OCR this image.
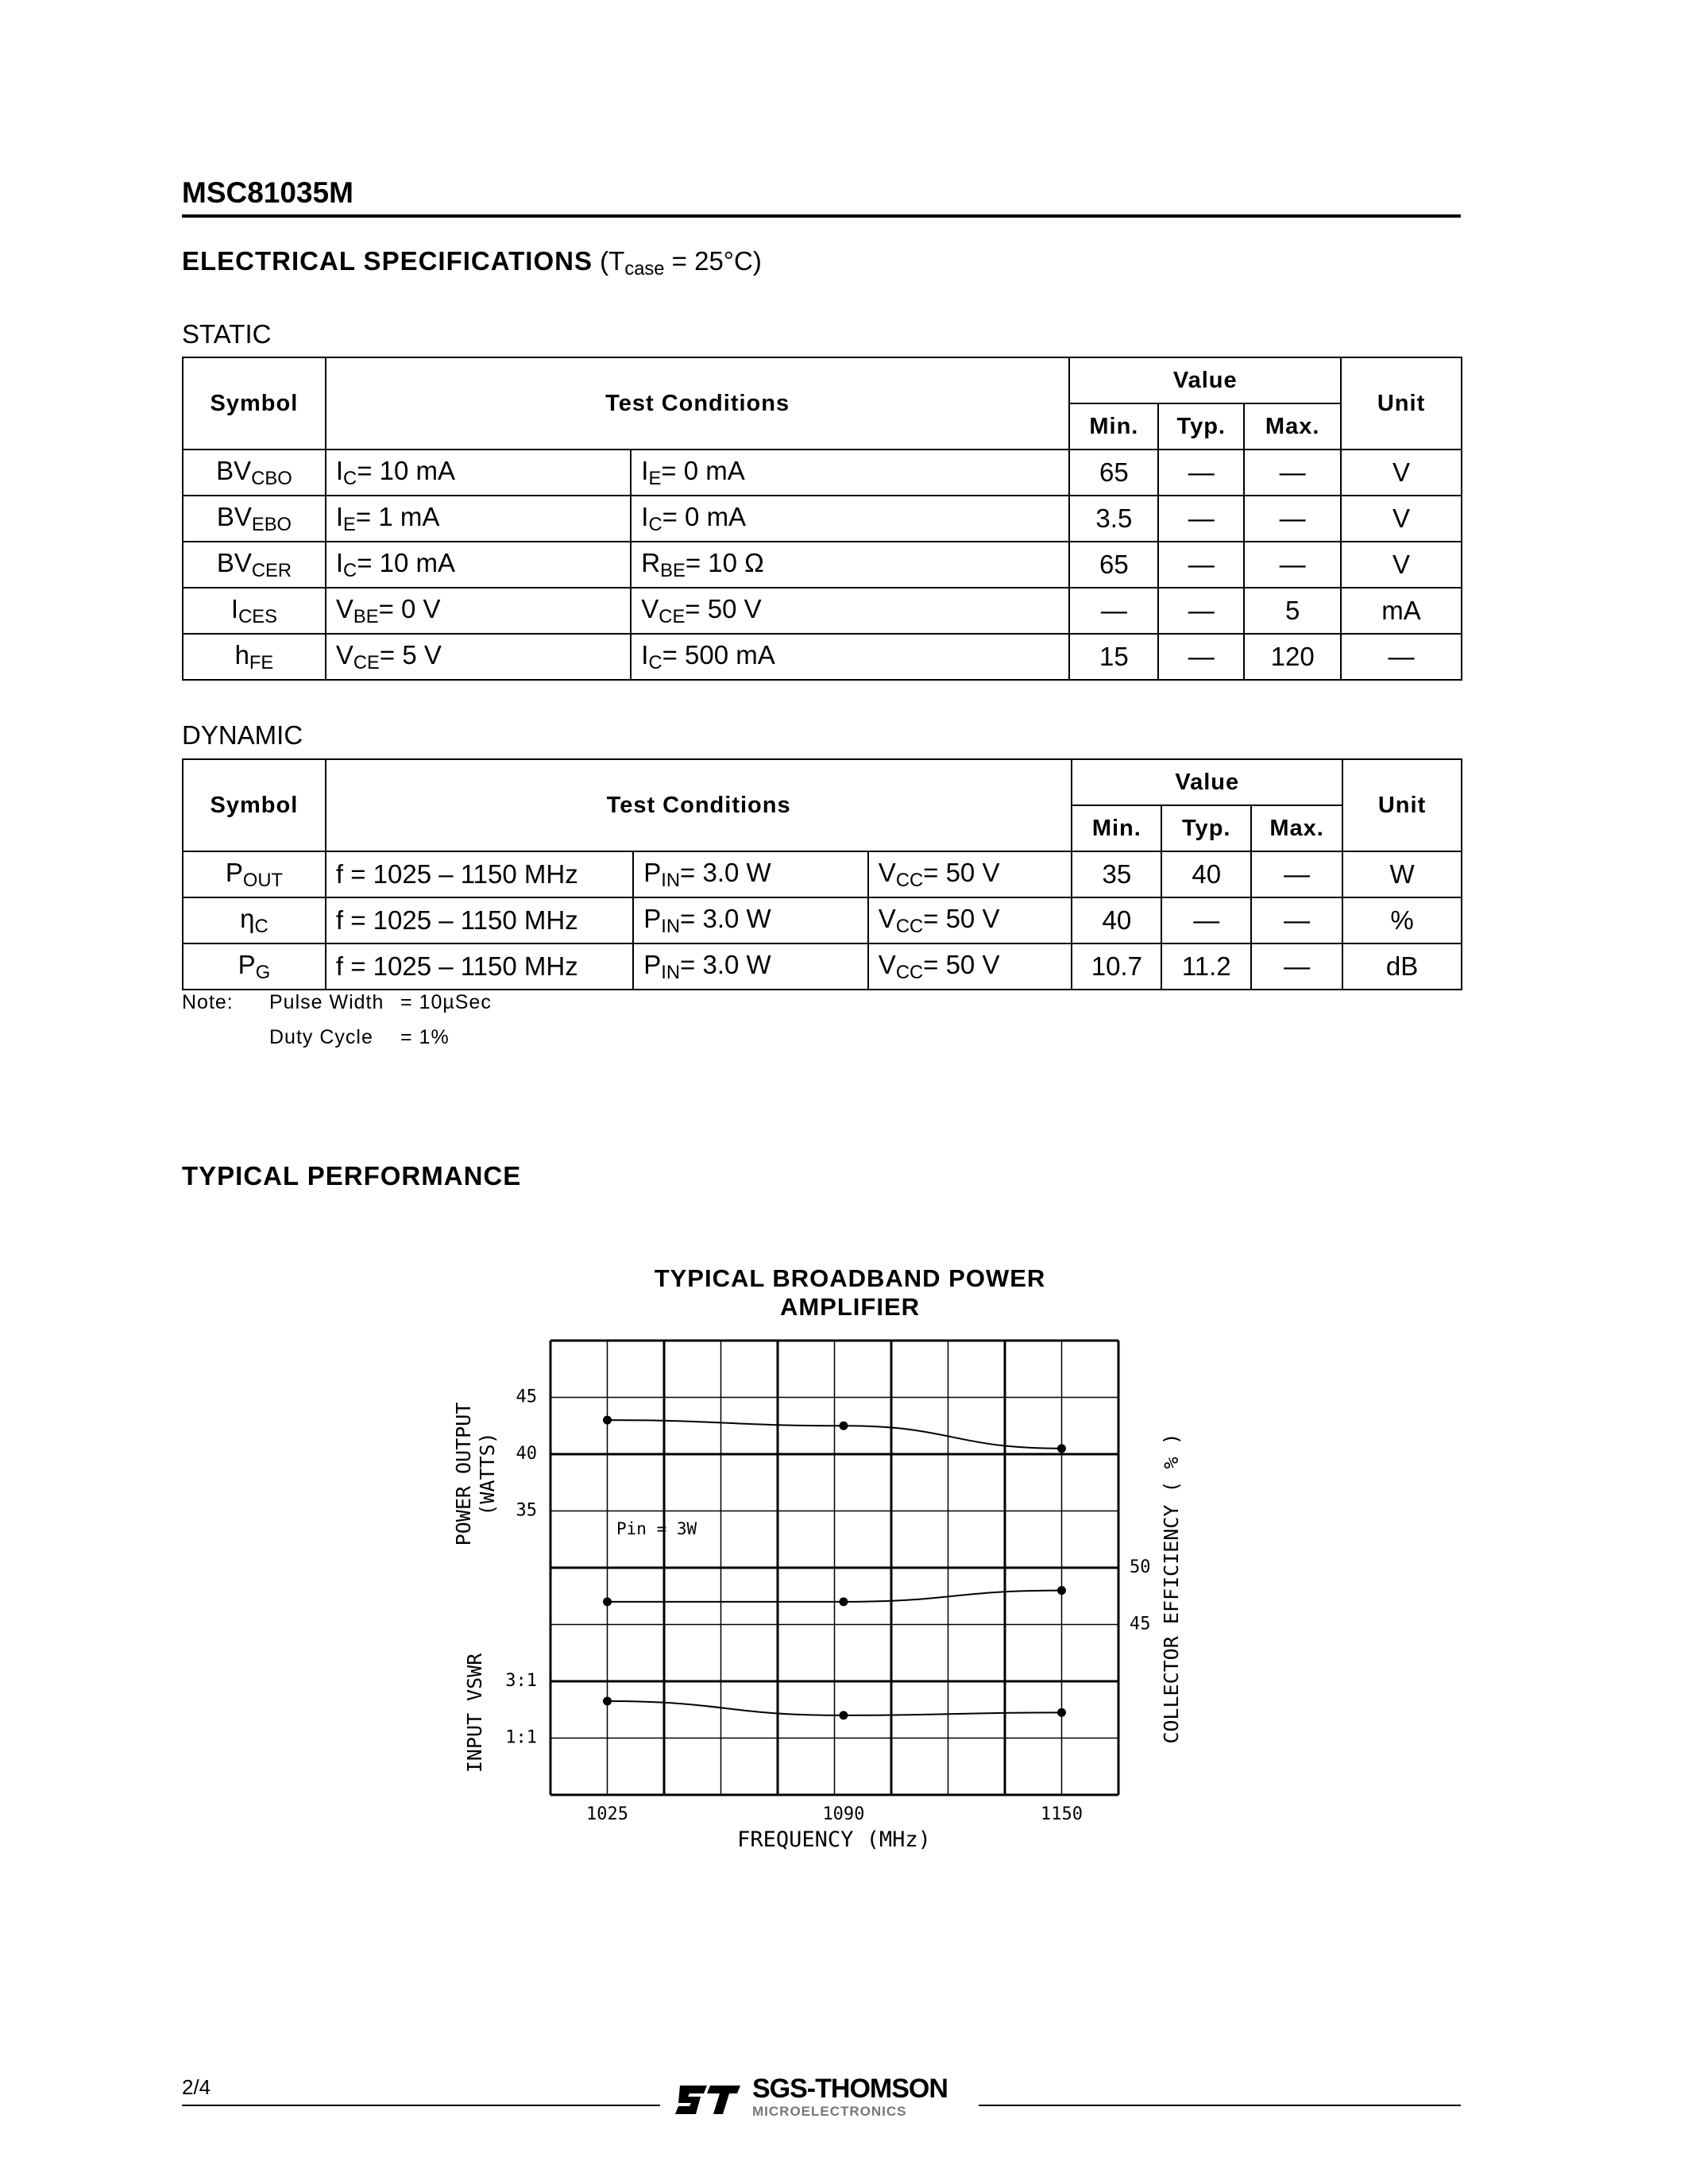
MSC81035M
ELECTRICAL SPECIFICATIONS $(T_{case} = 25^\circ C)$
STATIC
Symbol	Test Conditions		Value			Unit
			Min.	Typ.	Max.	
$BV_{CBO}$	$I_C= 10$ mA	$I_E= 0$ mA	65	—	—	V
$BV_{EBO}$	$I_E= 1$ mA	$I_C= 0$ mA	3.5	—	—	V
$BV_{CER}$	$I_C= 10$ mA	$R_{BE}= 10$ Ω	65	—	—	V
$I_{CES}$	$V_{BE}= 0$ V	$V_{CE}= 50$ V	—	—	5	mA
$h_{FE}$	$V_{CE}= 5$ V	$I_C= 500$ mA	15	—	120	—
DYNAMIC
Symbol	Test Conditions			Value			Unit
				Min.	Typ.	Max.	
$P_{OUT}$	f = 1025 – 1150 MHz	$P_{IN}= 3.0$ W	$V_{CC}= 50$ V	35	40	—	W
$\eta_C$	f = 1025 – 1150 MHz	$P_{IN}= 3.0$ W	$V_{CC}= 50$ V	40	—	—	%
$P_G$	f = 1025 – 1150 MHz	$P_{IN}= 3.0$ W	$V_{CC}= 50$ V	10.7	11.2	—	dB
Note: Pulse Width = 10µSec
Duty Cycle = 1%
TYPICAL PERFORMANCE
TYPICAL BROADBAND POWER
AMPLIFIER
45
40
35
50
45
3:1
1:1
1025	1090	1150
FREQUENCY (MHz)
Pin = 3W
POWER OUTPUT (WATTS)
INPUT VSWR	COLLECTOR EFFICIENCY ( % )
2/4	SGS-THOMSON
MICROELECTRONICS
